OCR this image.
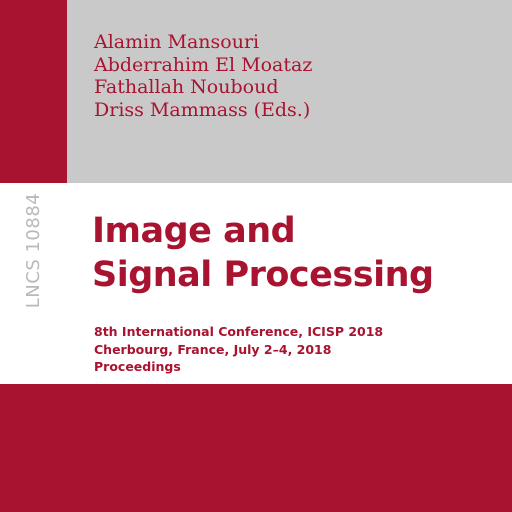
Alamin Mansouri
Abderrahim El Moataz
Fathallah Nouboud
Driss Mammass (Eds.)
LNCS 10884 Image and
Signal Processing
8th International Conference, ICISP 2018
Cherbourg, France, July 2–4, 2018
Proceedings
